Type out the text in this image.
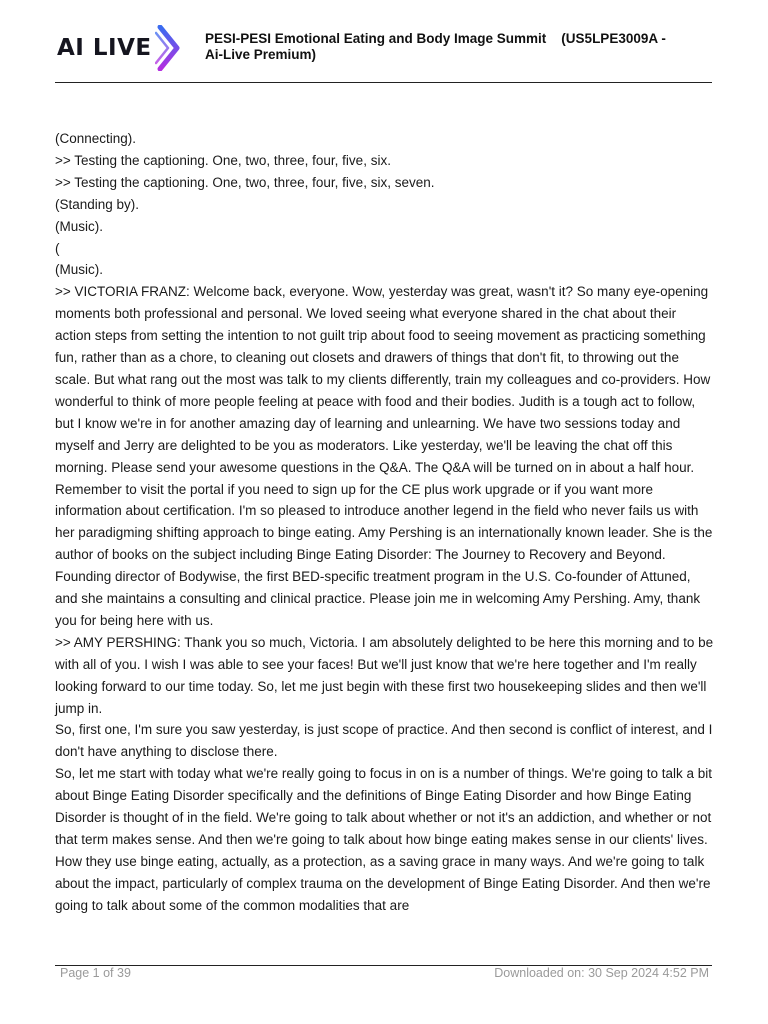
AI LIVE	PESI-PESI Emotional Eating and Body Image Summit    (US5LPE3009A -
Ai-Live Premium)

(Connecting).

>> Testing the captioning. One, two, three, four, five, six.

>> Testing the captioning. One, two, three, four, five, six, seven.

(Standing by).

(Music).

(

(Music).

>> VICTORIA FRANZ: Welcome back, everyone. Wow, yesterday was great, wasn't it? So many eye-opening moments both professional and personal. We loved seeing what everyone shared in the chat about their action steps from setting the intention to not guilt trip about food to seeing movement as practicing something fun, rather than as a chore, to cleaning out closets and drawers of things that don't fit, to throwing out the scale. But what rang out the most was talk to my clients differently, train my colleagues and co-providers. How wonderful to think of more people feeling at peace with food and their bodies. Judith is a tough act to follow, but I know we're in for another amazing day of learning and unlearning. We have two sessions today and myself and Jerry are delighted to be you as moderators. Like yesterday, we'll be leaving the chat off this morning. Please send your awesome questions in the Q&A. The Q&A will be turned on in about a half hour. Remember to visit the portal if you need to sign up for the CE plus work upgrade or if you want more information about certification. I'm so pleased to introduce another legend in the field who never fails us with her paradigming shifting approach to binge eating. Amy Pershing is an internationally known leader. She is the author of books on the subject including Binge Eating Disorder: The Journey to Recovery and Beyond. Founding director of Bodywise, the first BED-specific treatment program in the U.S. Co-founder of Attuned, and she maintains a consulting and clinical practice. Please join me in welcoming Amy Pershing. Amy, thank you for being here with us.

>> AMY PERSHING: Thank you so much, Victoria. I am absolutely delighted to be here this morning and to be with all of you. I wish I was able to see your faces! But we'll just know that we're here together and I'm really looking forward to our time today. So, let me just begin with these first two housekeeping slides and then we'll jump in.

So, first one, I'm sure you saw yesterday, is just scope of practice. And then second is conflict of interest, and I don't have anything to disclose there.

So, let me start with today what we're really going to focus in on is a number of things. We're going to talk a bit about Binge Eating Disorder specifically and the definitions of Binge Eating Disorder and how Binge Eating Disorder is thought of in the field. We're going to talk about whether or not it's an addiction, and whether or not that term makes sense. And then we're going to talk about how binge eating makes sense in our clients' lives. How they use binge eating, actually, as a protection, as a saving grace in many ways. And we're going to talk about the impact, particularly of complex trauma on the development of Binge Eating Disorder. And then we're going to talk about some of the common modalities that are

Page 1 of 39	Downloaded on: 30 Sep 2024 4:52 PM
